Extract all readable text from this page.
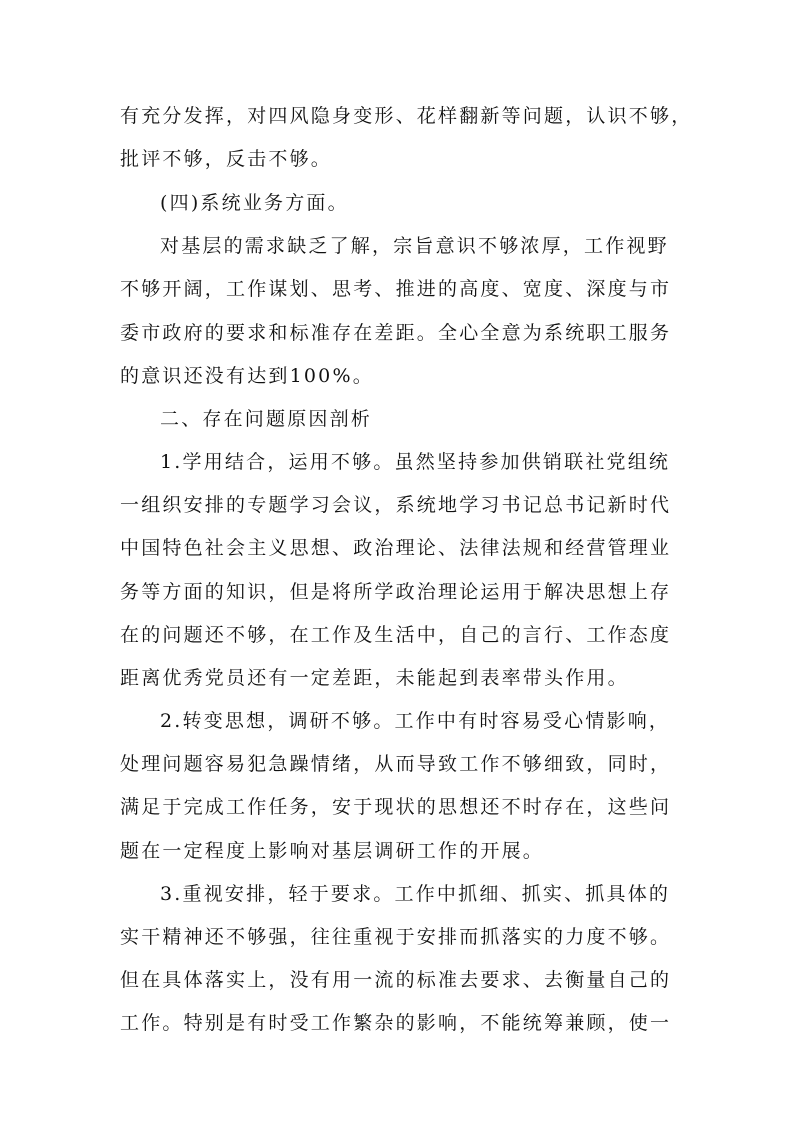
有充分发挥，对四风隐身变形、花样翻新等问题，认识不够，
批评不够，反击不够。
(四)系统业务方面。
对基层的需求缺乏了解，宗旨意识不够浓厚，工作视野
不够开阔，工作谋划、思考、推进的高度、宽度、深度与市
委市政府的要求和标准存在差距。全心全意为系统职工服务
的意识还没有达到100%。
二、存在问题原因剖析
1.学用结合，运用不够。虽然坚持参加供销联社党组统
一组织安排的专题学习会议，系统地学习书记总书记新时代
中国特色社会主义思想、政治理论、法律法规和经营管理业
务等方面的知识，但是将所学政治理论运用于解决思想上存
在的问题还不够，在工作及生活中，自己的言行、工作态度
距离优秀党员还有一定差距，未能起到表率带头作用。
2.转变思想，调研不够。工作中有时容易受心情影响，
处理问题容易犯急躁情绪，从而导致工作不够细致，同时，
满足于完成工作任务，安于现状的思想还不时存在，这些问
题在一定程度上影响对基层调研工作的开展。
3.重视安排，轻于要求。工作中抓细、抓实、抓具体的
实干精神还不够强，往往重视于安排而抓落实的力度不够。
但在具体落实上，没有用一流的标准去要求、去衡量自己的
工作。特别是有时受工作繁杂的影响，不能统筹兼顾，使一
